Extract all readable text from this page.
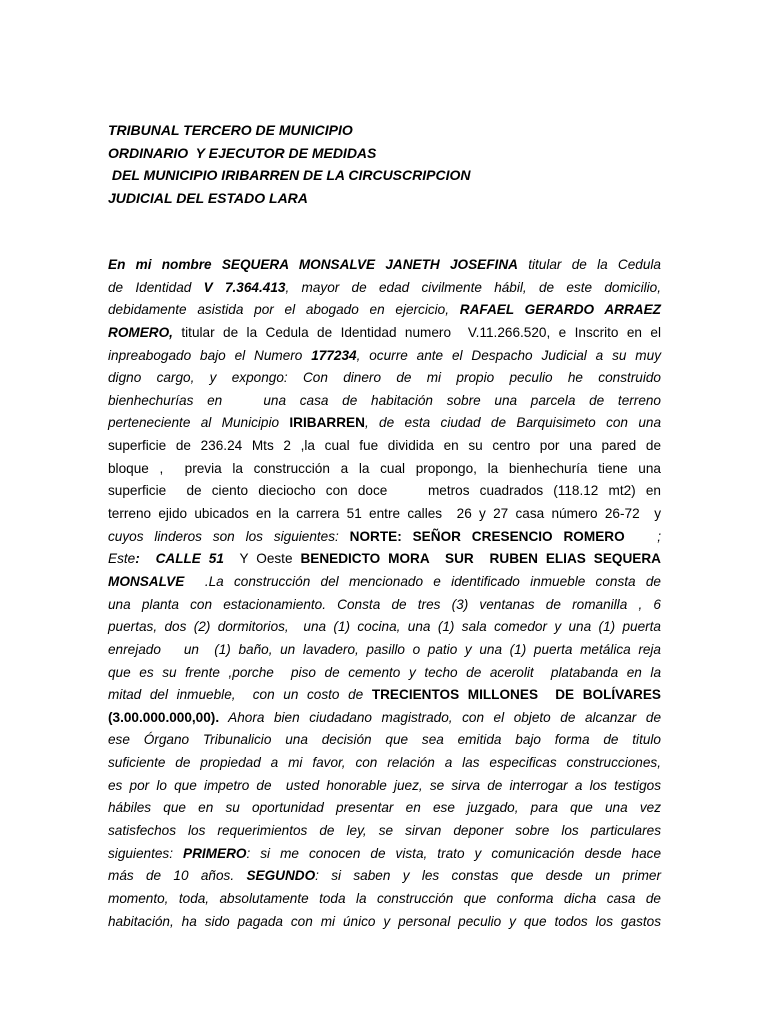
TRIBUNAL TERCERO DE MUNICIPIO
ORDINARIO  Y EJECUTOR DE MEDIDAS
DEL MUNICIPIO IRIBARREN DE LA CIRCUSCRIPCION
JUDICIAL DEL ESTADO LARA
En mi nombre SEQUERA MONSALVE JANETH JOSEFINA titular de la Cedula
de Identidad V 7.364.413, mayor de edad civilmente hábil, de este domicilio,
debidamente asistida por el abogado en ejercicio, RAFAEL GERARDO ARRAEZ
ROMERO, titular de la Cedula de Identidad numero  V.11.266.520, e Inscrito en el
inpreabogado bajo el Numero 177234, ocurre ante el Despacho Judicial a su muy
digno cargo, y expongo: Con dinero de mi propio peculio he construido
bienhechurías en   una casa de habitación sobre una parcela de terreno
perteneciente al Municipio IRIBARREN, de esta ciudad de Barquisimeto con una
superficie de 236.24 Mts 2 ,la cual fue dividida en su centro por una pared de
bloque ,  previa la construcción a la cual propongo, la bienhechuría tiene una
superficie  de ciento dieciocho con doce    metros cuadrados (118.12 mt2) en
terreno ejido ubicados en la carrera 51 entre calles  26 y 27 casa número 26-72  y
cuyos linderos son los siguientes: NORTE: SEÑOR CRESENCIO ROMERO   ;
Este:  CALLE 51  Y Oeste BENEDICTO MORA  SUR  RUBEN ELIAS SEQUERA
MONSALVE  .La construcción del mencionado e identificado inmueble consta de
una planta con estacionamiento. Consta de tres (3) ventanas de romanilla , 6
puertas, dos (2) dormitorios,  una (1) cocina, una (1) sala comedor y una (1) puerta
enrejado   un  (1) baño, un lavadero, pasillo o patio y una (1) puerta metálica reja
que es su frente ,porche  piso de cemento y techo de acerolit  platabanda en la
mitad del inmueble,  con un costo de TRECIENTOS MILLONES  DE BOLÍVARES
(3.00.000.000,00). Ahora bien ciudadano magistrado, con el objeto de alcanzar de
ese Órgano Tribunalicio una decisión que sea emitida bajo forma de titulo
suficiente de propiedad a mi favor, con relación a las especificas construcciones,
es por lo que impetro de  usted honorable juez, se sirva de interrogar a los testigos
hábiles que en su oportunidad presentar en ese juzgado, para que una vez
satisfechos los requerimientos de ley, se sirvan deponer sobre los particulares
siguientes: PRIMERO: si me conocen de vista, trato y comunicación desde hace
más de 10 años. SEGUNDO: si saben y les constas que desde un primer
momento, toda, absolutamente toda la construcción que conforma dicha casa de
habitación, ha sido pagada con mi único y personal peculio y que todos los gastos
